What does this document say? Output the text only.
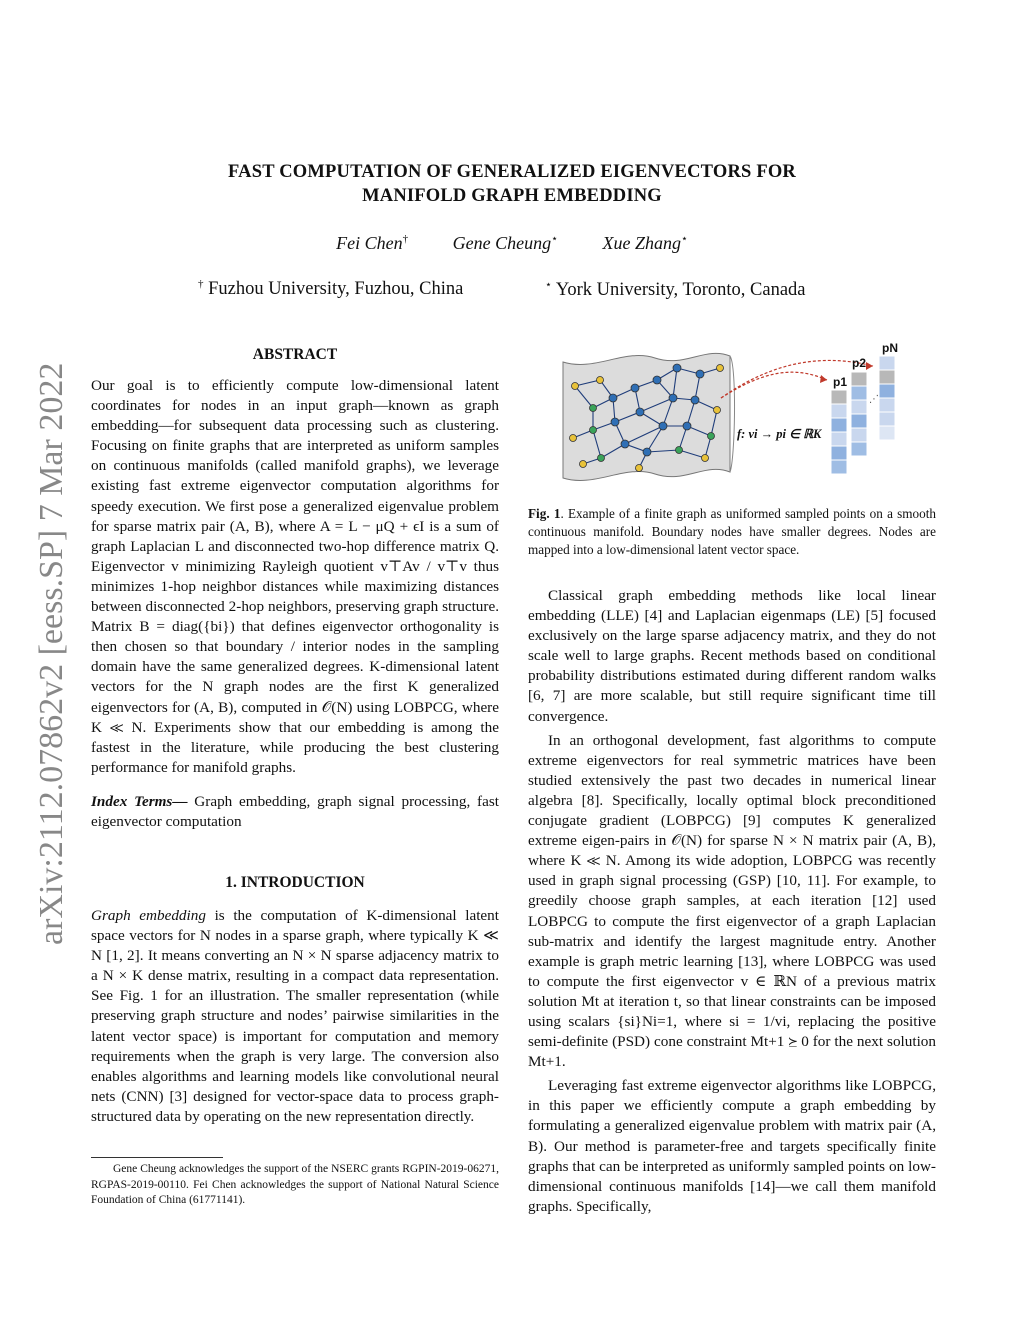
arXiv:2112.07862v2 [eess.SP] 7 Mar 2022
FAST COMPUTATION OF GENERALIZED EIGENVECTORS FOR
MANIFOLD GRAPH EMBEDDING
Fei Chen† Gene Cheung⋆ Xue Zhang⋆
† Fuzhou University, Fuzhou, China	⋆ York University, Toronto, Canada
ABSTRACT

Our goal is to efficiently compute low-dimensional latent coordinates for nodes in an input graph—known as graph embedding—for subsequent data processing such as clustering. Focusing on finite graphs that are interpreted as uniform samples on continuous manifolds (called manifold graphs), we leverage existing fast extreme eigenvector computation algorithms for speedy execution. We first pose a generalized eigenvalue problem for sparse matrix pair (A, B), where A = L − μQ + ϵI is a sum of graph Laplacian L and disconnected two-hop difference matrix Q. Eigenvector v minimizing Rayleigh quotient v⊤Av / v⊤v thus minimizes 1-hop neighbor distances while maximizing distances between disconnected 2-hop neighbors, preserving graph structure. Matrix B = diag({bi}) that defines eigenvector orthogonality is then chosen so that boundary / interior nodes in the sampling domain have the same generalized degrees. K-dimensional latent vectors for the N graph nodes are the first K generalized eigenvectors for (A, B), computed in 𝒪(N) using LOBPCG, where K ≪ N. Experiments show that our embedding is among the fastest in the literature, while producing the best clustering performance for manifold graphs.

Index Terms— Graph embedding, graph signal processing, fast eigenvector computation

1. INTRODUCTION

Graph embedding is the computation of K-dimensional latent space vectors for N nodes in a sparse graph, where typically K ≪ N [1, 2]. It means converting an N × N sparse adjacency matrix to a N × K dense matrix, resulting in a compact data representation. See Fig. 1 for an illustration. The smaller representation (while preserving graph structure and nodes’ pairwise similarities in the latent vector space) is important for computation and memory requirements when the graph is very large. The conversion also enables algorithms and learning models like convolutional neural nets (CNN) [3] designed for vector-space data to process graph-structured data by operating on the new representation directly.

Gene Cheung acknowledges the support of the NSERC grants RGPIN-2019-06271, RGPAS-2019-00110. Fei Chen acknowledges the support of National Natural Science Foundation of China (61771141).
f: vi → pi ∈ ℝK
p1
p2
pN
⋰
Fig. 1. Example of a finite graph as uniformed sampled points on a smooth continuous manifold. Boundary nodes have smaller degrees. Nodes are mapped into a low-dimensional latent vector space.

Classical graph embedding methods like local linear embedding (LLE) [4] and Laplacian eigenmaps (LE) [5] focused exclusively on the large sparse adjacency matrix, and they do not scale well to large graphs. Recent methods based on conditional probability distributions estimated during different random walks [6, 7] are more scalable, but still require significant time till convergence.

In an orthogonal development, fast algorithms to compute extreme eigenvectors for real symmetric matrices have been studied extensively the past two decades in numerical linear algebra [8]. Specifically, locally optimal block preconditioned conjugate gradient (LOBPCG) [9] computes K generalized extreme eigen-pairs in 𝒪(N) for sparse N × N matrix pair (A, B), where K ≪ N. Among its wide adoption, LOBPCG was recently used in graph signal processing (GSP) [10, 11]. For example, to greedily choose graph samples, at each iteration [12] used LOBPCG to compute the first eigenvector of a graph Laplacian sub-matrix and identify the largest magnitude entry. Another example is graph metric learning [13], where LOBPCG was used to compute the first eigenvector v ∈ ℝN of a previous matrix solution Mt at iteration t, so that linear constraints can be imposed using scalars {si}Ni=1, where si = 1/vi, replacing the positive semi-definite (PSD) cone constraint Mt+1 ⪰ 0 for the next solution Mt+1.

Leveraging fast extreme eigenvector algorithms like LOBPCG, in this paper we efficiently compute a graph embedding by formulating a generalized eigenvalue problem with matrix pair (A, B). Our method is parameter-free and targets specifically finite graphs that can be interpreted as uniformly sampled points on low-dimensional continuous manifolds [14]—we call them manifold graphs. Specifically,
